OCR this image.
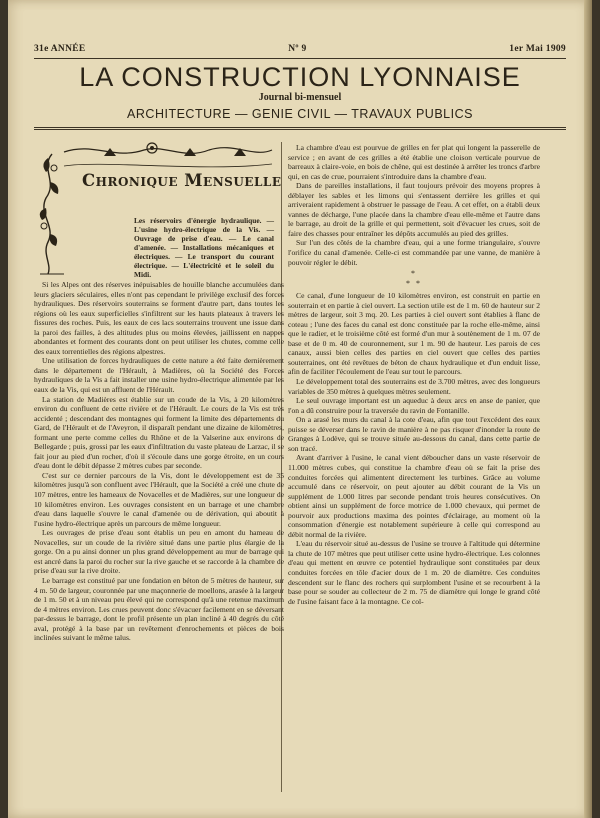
31e ANNÉE	Nº 9	1er Mai 1909
LA CONSTRUCTION LYONNAISE
Journal bi-mensuel
ARCHITECTURE — GENIE CIVIL — TRAVAUX PUBLICS
Chronique Mensuelle
Les réservoirs d'énergie hydraulique. — L'usine hydro-électrique de la Vis. — Ouvrage de prise d'eau. — Le canal d'amenée. — Installations mécaniques et électriques. — Le transport du courant électrique. — L'électricité et le soleil du Midi.

Si les Alpes ont des réserves inépuisables de houille blanche accumulées dans leurs glaciers séculaires, elles n'ont pas cependant le privilège exclusif des forces hydrauliques. Des réservoirs souterrains se forment d'autre part, dans toutes les régions où les eaux superficielles s'infiltrent sur les hauts plateaux à travers les fissures des roches. Puis, les eaux de ces lacs souterrains trouvent une issue dans la paroi des failles, à des altitudes plus ou moins élevées, jaillissent en nappes abondantes et forment des courants dont on peut utiliser les chutes, comme celle des eaux torrentielles des régions alpestres.

Une utilisation de forces hydrauliques de cette nature a été faite dernièrement dans le département de l'Hérault, à Madières, où la Société des Forces hydrauliques de la Vis a fait installer une usine hydro-électrique alimentée par les eaux de la Vis, qui est un affluent de l'Hérault.

La station de Madières est établie sur un coude de la Vis, à 20 kilomètres environ du confluent de cette rivière et de l'Hérault. Le cours de la Vis est très accidenté ; descendant des montagnes qui forment la limite des départements du Gard, de l'Hérault et de l'Aveyron, il disparaît pendant une dizaine de kilomètres, formant une perte comme celles du Rhône et de la Valserine aux environs de Bellegarde ; puis, grossi par les eaux d'infiltration du vaste plateau de Larzac, il se fait jour au pied d'un rocher, d'où il s'écoule dans une gorge étroite, en un cours d'eau dont le débit dépasse 2 mètres cubes par seconde.

C'est sur ce dernier parcours de la Vis, dont le développement est de 35 kilomètres jusqu'à son confluent avec l'Hérault, que la Société a créé une chute de 107 mètres, entre les hameaux de Novacelles et de Madières, sur une longueur de 10 kilomètres environ. Les ouvrages consistent en un barrage et une chambre d'eau dans laquelle s'ouvre le canal d'amenée ou de dérivation, qui aboutit à l'usine hydro-électrique après un parcours de même longueur.

Les ouvrages de prise d'eau sont établis un peu en amont du hameau de Novacelles, sur un coude de la rivière situé dans une partie plus élargie de la gorge. On a pu ainsi donner un plus grand développement au mur de barrage qui est ancré dans la paroi du rocher sur la rive gauche et se raccorde à la chambre de prise d'eau sur la rive droite.

Le barrage est constitué par une fondation en béton de 5 mètres de hauteur, sur 4 m. 50 de largeur, couronnée par une maçonnerie de moellons, arasée à la largeur de 1 m. 50 et à un niveau peu élevé qui ne correspond qu'à une retenue maximum de 4 mètres environ. Les crues peuvent donc s'évacuer facilement en se déversant par-dessus le barrage, dont le profil présente un plan incliné à 40 degrés du côté aval, protégé à la base par un revêtement d'enrochements et pièces de bois inclinées suivant le même talus.

La chambre d'eau est pourvue de grilles en fer plat qui longent la passerelle de service ; en avant de ces grilles a été établie une cloison verticale pourvue de barreaux à claire-voie, en bois de chêne, qui est destinée à arrêter les troncs d'arbre qui, en cas de crue, pourraient s'introduire dans la chambre d'eau.

Dans de pareilles installations, il faut toujours prévoir des moyens propres à déblayer les sables et les limons qui s'entassent derrière les grilles et qui arriveraient rapidement à obstruer le passage de l'eau. A cet effet, on a établi deux vannes de décharge, l'une placée dans la chambre d'eau elle-même et l'autre dans le barrage, au droit de la grille et qui permettent, soit d'évacuer les crues, soit de faire des chasses pour entraîner les dépôts accumulés au pied des grilles.

Sur l'un des côtés de la chambre d'eau, qui a une forme triangulaire, s'ouvre l'orifice du canal d'amenée. Celle-ci est commandée par une vanne, de manière à pouvoir régler le débit.

*
* *

Ce canal, d'une longueur de 10 kilomètres environ, est construit en partie en souterrain et en partie à ciel ouvert. La section utile est de 1 m. 60 de hauteur sur 2 mètres de largeur, soit 3 mq. 20. Les parties à ciel ouvert sont établies à flanc de coteau ; l'une des faces du canal est donc constituée par la roche elle-même, ainsi que le radier, et le troisième côté est formé d'un mur à soutènement de 1 m. 07 de base et de 0 m. 40 de couronnement, sur 1 m. 90 de hauteur. Les parois de ces canaux, aussi bien celles des parties en ciel ouvert que celles des parties souterraines, ont été revêtues de béton de chaux hydraulique et d'un enduit lisse, afin de faciliter l'écoulement de l'eau sur tout le parcours.

Le développement total des souterrains est de 3.700 mètres, avec des longueurs variables de 350 mètres à quelques mètres seulement.

Le seul ouvrage important est un aqueduc à deux arcs en anse de panier, que l'on a dû construire pour la traversée du ravin de Fontanille.

On a arasé les murs du canal à la cote d'eau, afin que tout l'excédent des eaux puisse se déverser dans le ravin de manière à ne pas risquer d'inonder la route de Granges à Lodève, qui se trouve située au-dessous du canal, dans cette partie de son tracé.

Avant d'arriver à l'usine, le canal vient déboucher dans un vaste réservoir de 11.000 mètres cubes, qui constitue la chambre d'eau où se fait la prise des conduites forcées qui alimentent directement les turbines. Grâce au volume accumulé dans ce réservoir, on peut ajouter au débit courant de la Vis un supplément de 1.000 litres par seconde pendant trois heures consécutives. On obtient ainsi un supplément de force motrice de 1.000 chevaux, qui permet de pourvoir aux productions maxima des pointes d'éclairage, au moment où la consommation d'énergie est notablement supérieure à celle qui correspond au débit normal de la rivière.

L'eau du réservoir situé au-dessus de l'usine se trouve à l'altitude qui détermine la chute de 107 mètres que peut utiliser cette usine hydro-électrique. Les colonnes d'eau qui mettent en œuvre ce potentiel hydraulique sont constituées par deux conduites forcées en tôle d'acier doux de 1 m. 20 de diamètre. Ces conduites descendent sur le flanc des rochers qui surplombent l'usine et se recourbent à la base pour se souder au collecteur de 2 m. 75 de diamètre qui longe le grand côté de l'usine faisant face à la montagne. Ce col-
